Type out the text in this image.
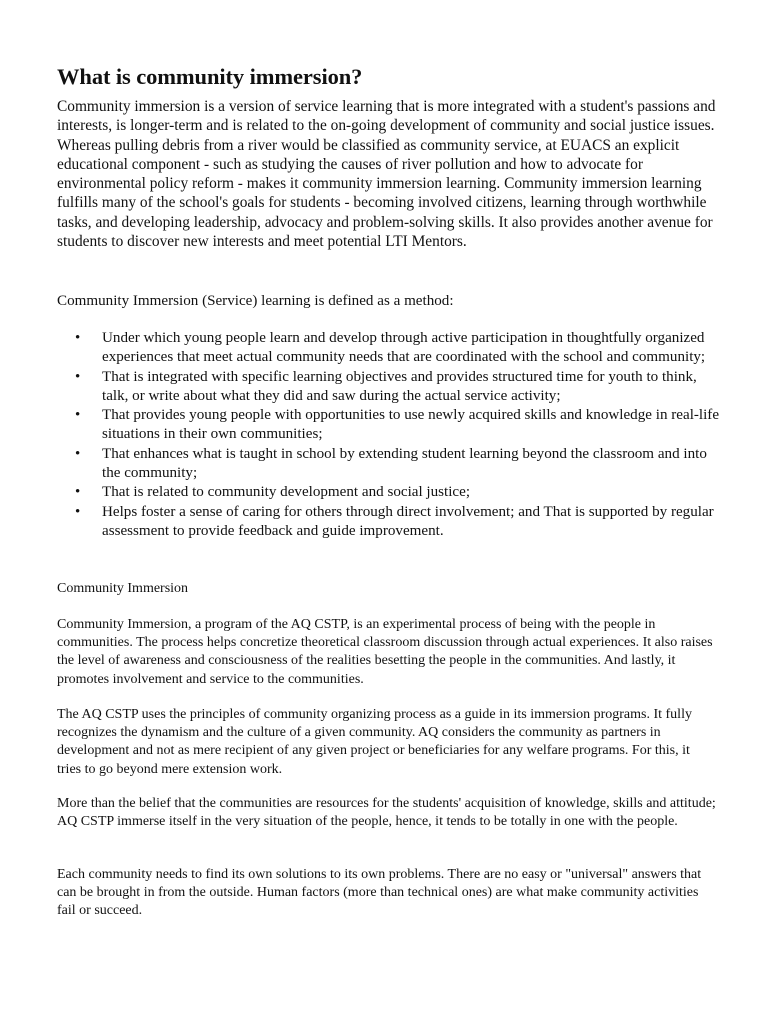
What is community immersion?

Community immersion is a version of service learning that is more integrated with a student's passions and interests, is longer-term and is related to the on-going development of community and social justice issues. Whereas pulling debris from a river would be classified as community service, at EUACS an explicit educational component - such as studying the causes of river pollution and how to advocate for environmental policy reform - makes it community immersion learning. Community immersion learning fulfills many of the school's goals for students - becoming involved citizens, learning through worthwhile tasks, and developing leadership, advocacy and problem-solving skills. It also provides another avenue for students to discover new interests and meet potential LTI Mentors.

Community Immersion (Service) learning is defined as a method:

• Under which young people learn and develop through active participation in thoughtfully organized experiences that meet actual community needs that are coordinated with the school and community;
• That is integrated with specific learning objectives and provides structured time for youth to think, talk, or write about what they did and saw during the actual service activity;
• That provides young people with opportunities to use newly acquired skills and knowledge in real-life situations in their own communities;
• That enhances what is taught in school by extending student learning beyond the classroom and into the community;
• That is related to community development and social justice;
• Helps foster a sense of caring for others through direct involvement; and That is supported by regular assessment to provide feedback and guide improvement.

Community Immersion

Community Immersion, a program of the AQ CSTP, is an experimental process of being with the people in communities. The process helps concretize theoretical classroom discussion through actual experiences. It also raises the level of awareness and consciousness of the realities besetting the people in the communities. And lastly, it promotes involvement and service to the communities.

The AQ CSTP uses the principles of community organizing process as a guide in its immersion programs. It fully recognizes the dynamism and the culture of a given community. AQ considers the community as partners in development and not as mere recipient of any given project or beneficiaries for any welfare programs. For this, it tries to go beyond mere extension work.

More than the belief that the communities are resources for the students' acquisition of knowledge, skills and attitude; AQ CSTP immerse itself in the very situation of the people, hence, it tends to be totally in one with the people.

Each community needs to find its own solutions to its own problems. There are no easy or "universal" answers that can be brought in from the outside. Human factors (more than technical ones) are what make community activities fail or succeed.
